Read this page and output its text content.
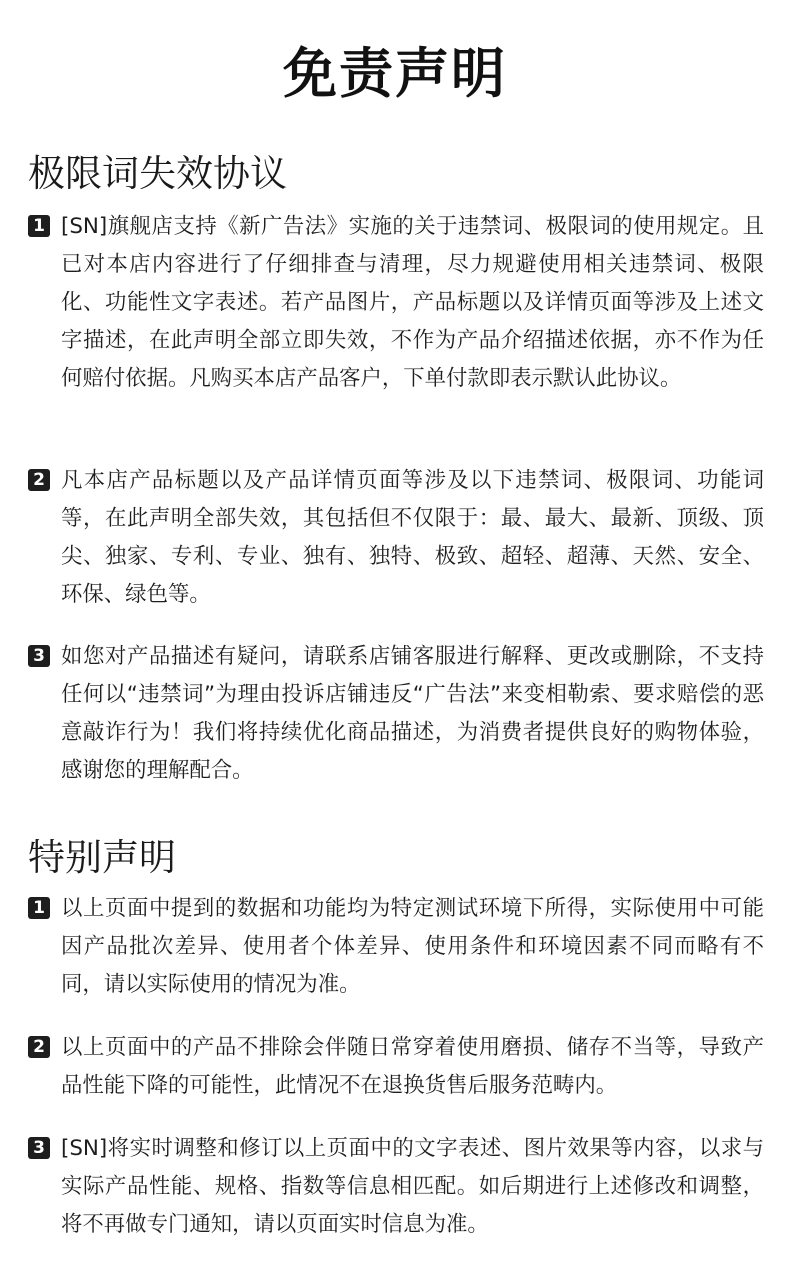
免责声明
极限词失效协议
1 [SN]旗舰店支持《新广告法》实施的关于违禁词、极限词的使用规定。且已对本店内容进行了仔细排查与清理，尽力规避使用相关违禁词、极限化、功能性文字表述。若产品图片，产品标题以及详情页面等涉及上述文字描述，在此声明全部立即失效，不作为产品介绍描述依据，亦不作为任何赔付依据。凡购买本店产品客户，下单付款即表示默认此协议。

2 凡本店产品标题以及产品详情页面等涉及以下违禁词、极限词、功能词等，在此声明全部失效，其包括但不仅限于：最、最大、最新、顶级、顶尖、独家、专利、专业、独有、独特、极致、超轻、超薄、天然、安全、环保、绿色等。

3 如您对产品描述有疑问，请联系店铺客服进行解释、更改或删除，不支持任何以“违禁词”为理由投诉店铺违反“广告法”来变相勒索、要求赔偿的恶意敲诈行为！我们将持续优化商品描述，为消费者提供良好的购物体验，感谢您的理解配合。

特别声明
1 以上页面中提到的数据和功能均为特定测试环境下所得，实际使用中可能因产品批次差异、使用者个体差异、使用条件和环境因素不同而略有不同，请以实际使用的情况为准。

2 以上页面中的产品不排除会伴随日常穿着使用磨损、储存不当等，导致产品性能下降的可能性，此情况不在退换货售后服务范畴内。

3 [SN]将实时调整和修订以上页面中的文字表述、图片效果等内容，以求与实际产品性能、规格、指数等信息相匹配。如后期进行上述修改和调整，将不再做专门通知，请以页面实时信息为准。
